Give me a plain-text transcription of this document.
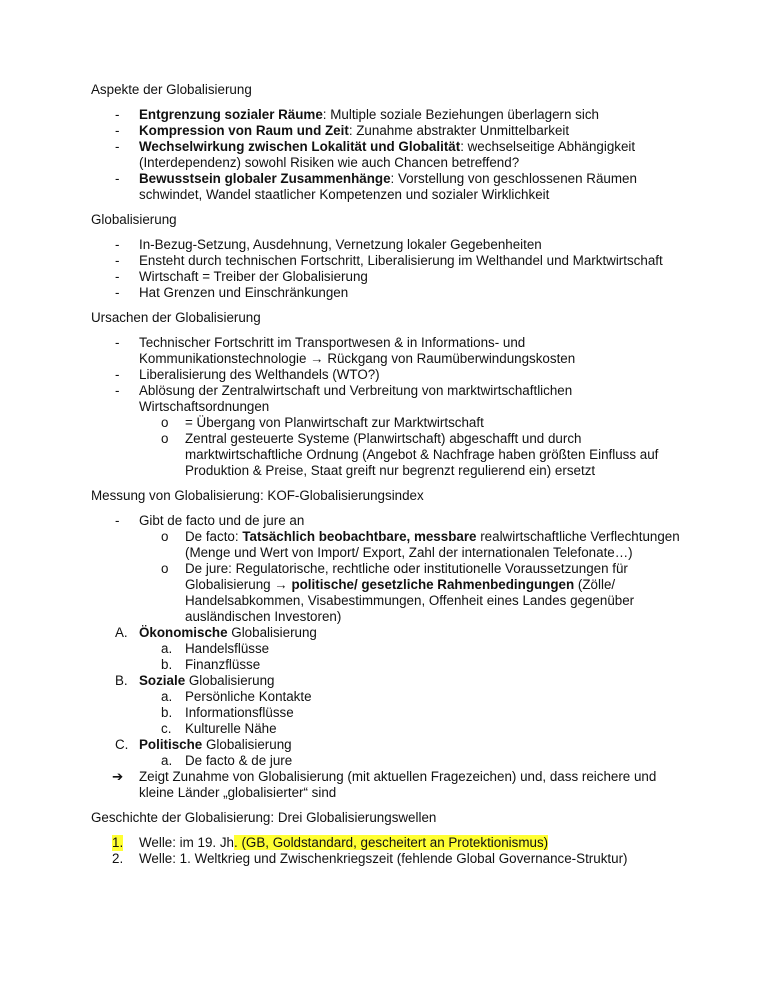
Aspekte der Globalisierung

- Entgrenzung sozialer Räume: Multiple soziale Beziehungen überlagern sich
- Kompression von Raum und Zeit: Zunahme abstrakter Unmittelbarkeit
- Wechselwirkung zwischen Lokalität und Globalität: wechselseitige Abhängigkeit (Interdependenz) sowohl Risiken wie auch Chancen betreffend?
- Bewusstsein globaler Zusammenhänge: Vorstellung von geschlossenen Räumen schwindet, Wandel staatlicher Kompetenzen und sozialer Wirklichkeit

Globalisierung

- In-Bezug-Setzung, Ausdehnung, Vernetzung lokaler Gegebenheiten
- Ensteht durch technischen Fortschritt, Liberalisierung im Welthandel und Marktwirtschaft
- Wirtschaft = Treiber der Globalisierung
- Hat Grenzen und Einschränkungen

Ursachen der Globalisierung

- Technischer Fortschritt im Transportwesen & in Informations- und Kommunikationstechnologie → Rückgang von Raumüberwindungskosten
- Liberalisierung des Welthandels (WTO?)
- Ablösung der Zentralwirtschaft und Verbreitung von marktwirtschaftlichen Wirtschaftsordnungen
o = Übergang von Planwirtschaft zur Marktwirtschaft
o Zentral gesteuerte Systeme (Planwirtschaft) abgeschafft und durch marktwirtschaftliche Ordnung (Angebot & Nachfrage haben größten Einfluss auf Produktion & Preise, Staat greift nur begrenzt regulierend ein) ersetzt

Messung von Globalisierung: KOF-Globalisierungsindex

- Gibt de facto und de jure an
o De facto: Tatsächlich beobachtbare, messbare realwirtschaftliche Verflechtungen (Menge und Wert von Import/ Export, Zahl der internationalen Telefonate…)
o De jure: Regulatorische, rechtliche oder institutionelle Voraussetzungen für Globalisierung → politische/ gesetzliche Rahmenbedingungen (Zölle/ Handelsabkommen, Visabestimmungen, Offenheit eines Landes gegenüber ausländischen Investoren)
A. Ökonomische Globalisierung
a. Handelsflüsse
b. Finanzflüsse
B. Soziale Globalisierung
a. Persönliche Kontakte
b. Informationsflüsse
c. Kulturelle Nähe
C. Politische Globalisierung
a. De facto & de jure
➔ Zeigt Zunahme von Globalisierung (mit aktuellen Fragezeichen) und, dass reichere und kleine Länder „globalisierter“ sind

Geschichte der Globalisierung: Drei Globalisierungswellen

1. Welle: im 19. Jh. (GB, Goldstandard, gescheitert an Protektionismus)
2. Welle: 1. Weltkrieg und Zwischenkriegszeit (fehlende Global Governance-Struktur)
